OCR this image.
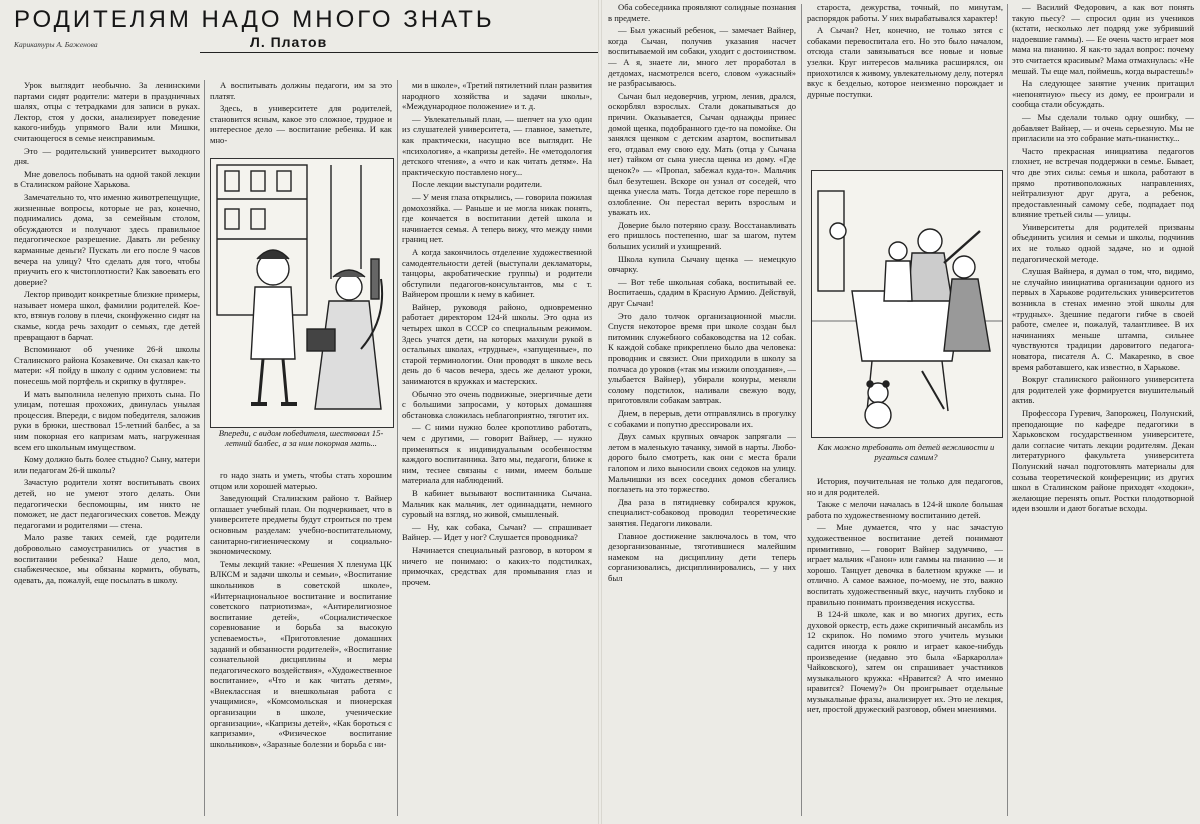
РОДИТЕЛЯМ НАДО МНОГО ЗНАТЬ
Карикатуры А. Баженова	Л. Платов

Урок выглядит необычно. За ленинскими партами сидят родители: матери в праздничных шалях, отцы с тетрадками для записи в руках. Лектор, стоя у доски, анализирует поведение какого-нибудь упрямого Вали или Мишки, считающегося в семье неисправимым.

Это — родительский университет выходного дня.

Мне довелось побывать на одной такой лекции в Сталинском районе Харькова.

Замечательно то, что именно животрепещущие, жизненные вопросы, которые не раз, конечно, поднимались дома, за семейным столом, обсуждаются и получают здесь правильное педагогическое разрешение. Давать ли ребенку карманные деньги? Пускать ли его после 9 часов вечера на улицу? Что сделать для того, чтобы приучить его к чистоплотности? Как завоевать его доверие?

Лектор приводит конкретные близкие примеры, называет номера школ, фамилии родителей. Кое-кто, втянув голову в плечи, сконфуженно сидят на скамье, когда речь заходит о семьях, где детей превращают в барчат.

Вспоминают об ученике 26-й школы Сталинского района Козакевиче. Он сказал как-то матери: «Я пойду в школу с одним условием: ты понесешь мой портфель и скрипку в футляре».

И мать выполнила нелепую прихоть сына. По улицам, потешая прохожих, двинулась унылая процессия. Впереди, с видом победителя, заложив руки в брюки, шествовал 15-летний балбес, а за ним покорная его капризам мать, нагруженная всем его школьным имуществом.

Кому должно быть более стыдно? Сыну, матери или педагогам 26-й школы?

Зачастую родители хотят воспитывать своих детей, но не умеют этого делать. Они педагогически беспомощны, им никто не поможет, не даст педагогических советов. Между педагогами и родителями — стена.

Мало разве таких семей, где родители добровольно самоустранились от участия в воспитании ребенка? Наше дело, мол, снабженческое, мы обязаны кормить, обувать, одевать, да, пожалуй, еще посылать в школу.

А воспитывать должны педагоги, им за это платят.

Здесь, в университете для родителей, становится ясным, какое это сложное, трудное и интересное дело — воспитание ребенка. И как мно-

Впереди, с видом победителя, шествовал 15-летний балбес, а за ним покорная мать...

го надо знать и уметь, чтобы стать хорошим отцом или хорошей матерью.

Заведующий Сталинским районо т. Вайнер оглашает учебный план. Он подчеркивает, что в университете предметы будут строиться по трем основным разделам: учебно-воспитательному, санитарно-гигиеническому и социально-экономическому.

Темы лекций такие: «Решения X пленума ЦК ВЛКСМ и задачи школы и семьи», «Воспитание школьников в советской школе», «Интернациональное воспитание и воспитание советского патриотизма», «Антирелигиозное воспитание детей», «Социалистическое соревнование и борьба за высокую успеваемость», «Приготовление домашних заданий и обязанности родителей», «Воспитание сознательной дисциплины и меры педагогического воздействия», «Художественное воспитание», «Что и как читать детям», «Внеклассная и внешкольная работа с учащимися», «Комсомольская и пионерская организации в школе, ученические организации», «Капризы детей», «Как бороться с капризами», «Физическое воспитание школьников», «Заразные болезни и борьба с ни-

ми в школе», «Третий пятилетний план развития народного хозяйства и задачи школы», «Международное положение» и т. д.

— Увлекательный план, — шепчет на ухо один из слушателей университета, — главное, заметьте, как практически, насущно все выглядит. Не «психология», а «капризы детей». Не «методология детского чтения», а «что и как читать детям». На практическую поставлено ногу...

После лекции выступали родители.

— У меня глаза открылись, — говорила пожилая домохозяйка. — Раньше и не могла никак понять, где кончается в воспитании детей школа и начинается семья. А теперь вижу, что между ними границ нет.

А когда закончилось отделение художественной самодеятельности детей (выступали декламаторы, танцоры, акробатические группы) и родители обступили педагогов-консультантов, мы с т. Вайнером прошли к нему в кабинет.

Вайнер, руководя районо, одновременно работает директором 124-й школы. Это одна из четырех школ в СССР со специальным режимом. Здесь учатся дети, на которых махнули рукой в остальных школах, «трудные», «запущенные», по старой терминологии. Они проводят в школе весь день до 6 часов вечера, здесь же делают уроки, занимаются в кружках и мастерских.

Обычно это очень подвижные, энергичные дети с большими запросами, у которых домашняя обстановка сложилась неблагоприятно, тяготит их.

— С ними нужно более кропотливо работать, чем с другими, — говорит Вайнер, — нужно применяться к индивидуальным особенностям каждого воспитанника. Зато мы, педагоги, ближе к ним, теснее связаны с ними, имеем больше материала для наблюдений.

В кабинет вызывают воспитанника Сычана. Мальчик как мальчик, лет одиннадцати, немного суровый на взгляд, но живой, смышленый.

— Ну, как собака, Сычан? — спрашивает Вайнер. — Идет у ног? Слушается проводника?

Начинается специальный разговор, в котором я ничего не понимаю: о каких-то подстилках, примочках, средствах для промывания глаз и прочем.

Оба собеседника проявляют солидные познания в предмете.

— Был ужасный ребенок, — замечает Вайнер, когда Сычан, получив указания насчет воспитываемой им собаки, уходит с достоинством. — А я, знаете ли, много лет проработал в детдомах, насмотрелся всего, словом «ужасный» не разбрасываюсь.

Сычан был недоверчив, угрюм, ленив, дрался, оскорблял взрослых. Стали докапываться до причин. Оказывается, Сычан однажды принес домой щенка, подобранного где-то на помойке. Он занялся щенком с детским азартом, воспитывал его, отдавал ему свою еду. Мать (отца у Сычана нет) тайком от сына унесла щенка из дому. «Где щенок?» — «Пропал, забежал куда-то». Мальчик был безутешен. Вскоре он узнал от соседей, что щенка унесла мать. Тогда детское горе перешло в озлобление. Он перестал верить взрослым и уважать их.

Доверие было потеряно сразу. Восстанавливать его пришлось постепенно, шаг за шагом, путем больших усилий и ухищрений.

Школа купила Сычану щенка — немецкую овчарку.

— Вот тебе школьная собака, воспитывай ее. Воспитаешь, сдадим в Красную Армию. Действуй, друг Сычан!

Это дало толчок организационной мысли. Спустя некоторое время при школе создан был питомник служебного собаководства на 12 собак. К каждой собаке прикреплено было два человека: проводник и связист. Они приходили в школу за полчаса до уроков («так мы изжили опоздания», — улыбается Вайнер), убирали конуры, меняли солому подстилок, наливали свежую воду, приготовляли собакам завтрак.

Днем, в перерыв, дети отправлялись в прогулку с собаками и попутно дрессировали их.

Двух самых крупных овчарок запрягали — летом в маленькую тачанку, зимой в нарты. Любо-дорого было смотреть, как они с места брали галопом и лихо выносили своих седоков на улицу. Мальчишки из всех соседних домов сбегались поглазеть на это торжество.

Два раза в пятидневку собирался кружок, специалист-собаковод проводил теоретические занятия. Педагоги ликовали.

Главное достижение заключалось в том, что дезорганизованные, тяготившиеся малейшим намеком на дисциплину дети теперь сорганизовались, дисциплинировались, — у них был

староста, дежурства, точный, по минутам, распорядок работы. У них вырабатывался характер!

А Сычан? Нет, конечно, не только зятся с собаками перевоспитала его. Но это было началом, отсюда стали завязываться все новые и новые узелки. Круг интересов мальчика расширялся, он приохотился к живому, увлекательному делу, потерял вкус к безделью, которое неизменно порождает и дурные поступки.

Как можно требовать от детей вежливости и ругаться самим?

История, поучительная не только для педагогов, но и для родителей.

Также с мелочи началась в 124-й школе большая работа по художественному воспитанию детей.

— Мне думается, что у нас зачастую художественное воспитание детей понимают примитивно, — говорит Вайнер задумчиво, — играет мальчик «Ганон» или гаммы на пианино — и хорошо. Танцует девочка в балетном кружке — и отлично. А самое важное, по-моему, не это, важно воспитать художественный вкус, научить глубоко и правильно понимать произведения искусства.

В 124-й школе, как и во многих других, есть духовой оркестр, есть даже скрипичный ансамбль из 12 скрипок. Но помимо этого учитель музыки садится иногда к роялю и играет какое-нибудь произведение (недавно это была «Баркаролла» Чайковского), затем он спрашивает участников музыкального кружка: «Нравится? А что именно нравится? Почему?» Он проигрывает отдельные музыкальные фразы, анализирует их. Это не лекция, нет, простой дружеский разговор, обмен мнениями.

— Василий Федорович, а как вот понять такую пьесу? — спросил один из учеников (кстати, несколько лет подряд уже зубривший надоевшие гаммы). — Ее очень часто играет моя мама на пианино. Я как-то задал вопрос: почему это считается красивым? Мама отмахнулась: «Не мешай. Ты еще мал, поймешь, когда вырастешь!»

На следующее занятие ученик притащил «непонятную» пьесу из дому, ее проиграли и сообща стали обсуждать.

— Мы сделали только одну ошибку, — добавляет Вайнер, — и очень серьезную. Мы не пригласили на это собрание мать-пианистку...

Часто прекрасная инициатива педагогов глохнет, не встречая поддержки в семье. Бывает, что две этих силы: семья и школа, работают в прямо противоположных направлениях, нейтрализуют друг друга, а ребенок, предоставленный самому себе, подпадает под влияние третьей силы — улицы.

Университеты для родителей призваны объединить усилия и семьи и школы, подчинив их не только одной задаче, но и одной педагогической методе.

Слушая Вайнера, я думал о том, что, видимо, не случайно инициатива организации одного из первых в Харькове родительских университетов возникла в стенах именно этой школы для «трудных». Здешние педагоги гибче в своей работе, смелее и, пожалуй, талантливее. В их начинаниях меньше штампа, сильнее чувствуются традиции даровитого педагога-новатора, писателя А. С. Макаренко, в свое время работавшего, как известно, в Харькове.

Вокруг сталинского районного университета для родителей уже формируется внушительный актив.

Профессора Гуревич, Запорожец, Полунский, преподающие по кафедре педагогики в Харьковском государственном университете, дали согласие читать лекции родителям. Декан литературного факультета университета Полунский начал подготовлять материалы для созыва теоретической конференции; из других школ в Сталинском районе приходят «ходоки», желающие перенять опыт. Ростки плодотворной идеи взошли и дают богатые всходы.
